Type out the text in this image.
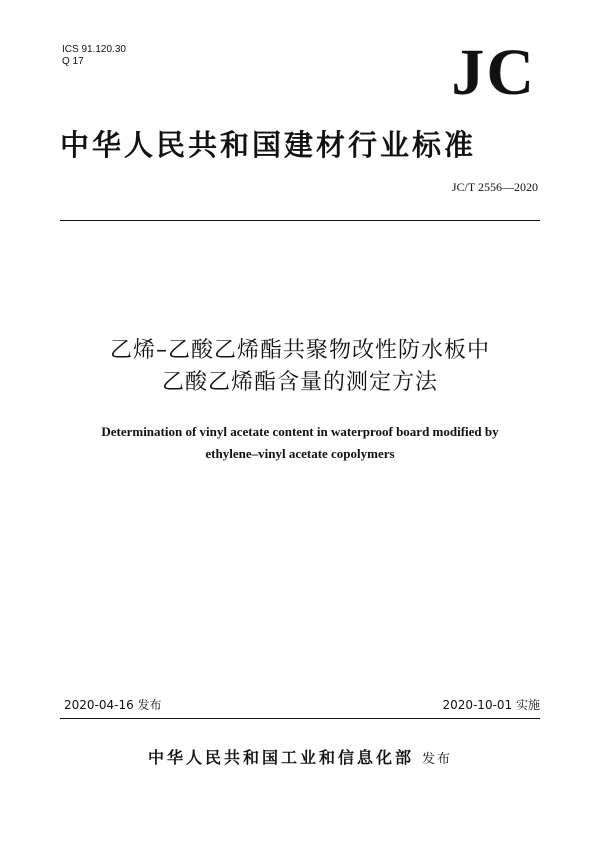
ICS 91.120.30
Q 17	JC
中华人民共和国建材行业标准
JC/T 2556—2020
乙烯–乙酸乙烯酯共聚物改性防水板中
乙酸乙烯酯含量的测定方法
Determination of vinyl acetate content in waterproof board modified by
ethylene–vinyl acetate copolymers
2020-04-16 发布	2020-10-01 实施
中华人民共和国工业和信息化部 发布
